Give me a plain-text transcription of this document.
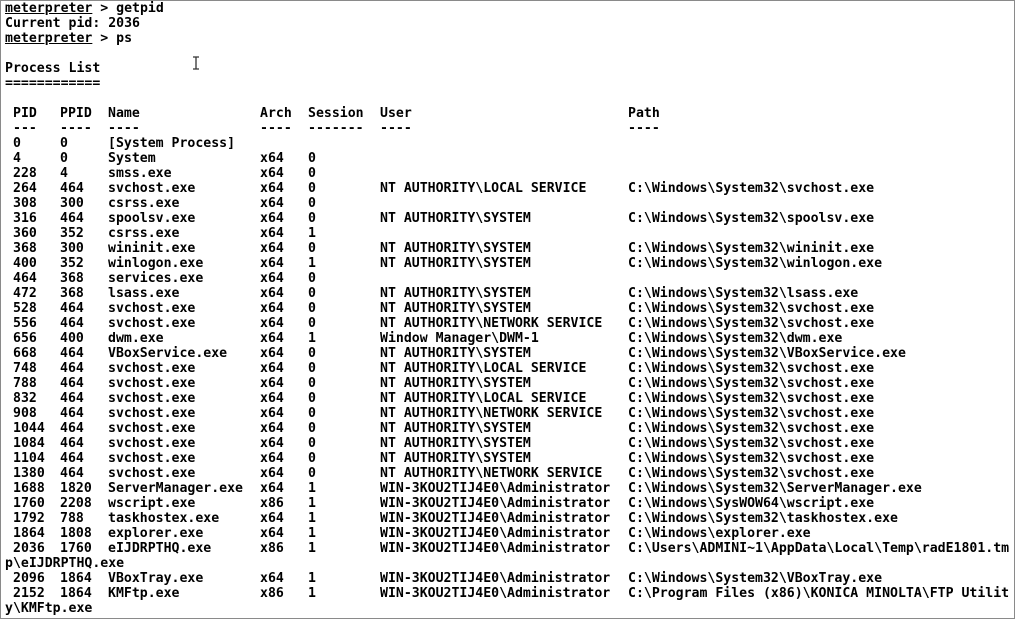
meterpreter > getpid
Current pid: 2036
meterpreter > ps
Process List
============
PID PPID Name	Arch Session User	Path
--- ---- ----	---- ------- ----	----
0	0	[System Process]
4	0	System	x64 0
228 4	smss.exe	x64 0
264 464 svchost.exe	x64 0	NT AUTHORITY\LOCAL SERVICE	C:\Windows\System32\svchost.exe
308 300 csrss.exe	x64 0
316 464 spoolsv.exe	x64 0	NT AUTHORITY\SYSTEM	C:\Windows\System32\spoolsv.exe
360 352 csrss.exe	x64 1
368 300 wininit.exe	x64 0	NT AUTHORITY\SYSTEM	C:\Windows\System32\wininit.exe
400 352 winlogon.exe	x64 1	NT AUTHORITY\SYSTEM	C:\Windows\System32\winlogon.exe
464 368 services.exe	x64 0
472 368 lsass.exe	x64 0	NT AUTHORITY\SYSTEM	C:\Windows\System32\lsass.exe
528 464 svchost.exe	x64 0	NT AUTHORITY\SYSTEM	C:\Windows\System32\svchost.exe
556 464 svchost.exe	x64 0	NT AUTHORITY\NETWORK SERVICE C:\Windows\System32\svchost.exe
656 400 dwm.exe	x64 1	Window Manager\DWM-1	C:\Windows\System32\dwm.exe
668 464 VBoxService.exe x64 0	NT AUTHORITY\SYSTEM	C:\Windows\System32\VBoxService.exe
748 464 svchost.exe	x64 0	NT AUTHORITY\LOCAL SERVICE	C:\Windows\System32\svchost.exe
788 464 svchost.exe	x64 0	NT AUTHORITY\SYSTEM	C:\Windows\System32\svchost.exe
832 464 svchost.exe	x64 0	NT AUTHORITY\LOCAL SERVICE	C:\Windows\System32\svchost.exe
908 464 svchost.exe	x64 0	NT AUTHORITY\NETWORK SERVICE C:\Windows\System32\svchost.exe
1044 464 svchost.exe	x64 0	NT AUTHORITY\SYSTEM	C:\Windows\System32\svchost.exe
1084 464 svchost.exe	x64 0	NT AUTHORITY\SYSTEM	C:\Windows\System32\svchost.exe
1104 464 svchost.exe	x64 0	NT AUTHORITY\SYSTEM	C:\Windows\System32\svchost.exe
1380 464 svchost.exe	x64 0	NT AUTHORITY\NETWORK SERVICE C:\Windows\System32\svchost.exe
1688 1820 ServerManager.exe x64 1	WIN-3KOU2TIJ4E0\Administrator C:\Windows\System32\ServerManager.exe
1760 2208 wscript.exe	x86 1	WIN-3KOU2TIJ4E0\Administrator C:\Windows\SysWOW64\wscript.exe
1792 788 taskhostex.exe	x64 1	WIN-3KOU2TIJ4E0\Administrator C:\Windows\System32\taskhostex.exe
1864 1808 explorer.exe	x64 1	WIN-3KOU2TIJ4E0\Administrator C:\Windows\explorer.exe
2036 1760 eIJDRPTHQ.exe	x86 1	WIN-3KOU2TIJ4E0\Administrator C:\Users\ADMINI~1\AppData\Local\Temp\radE1801.tm
p\eIJDRPTHQ.exe
2096 1864 VBoxTray.exe	x64 1	WIN-3KOU2TIJ4E0\Administrator C:\Windows\System32\VBoxTray.exe
2152 1864 KMFtp.exe	x86 1	WIN-3KOU2TIJ4E0\Administrator C:\Program Files (x86)\KONICA MINOLTA\FTP Utilit
y\KMFtp.exe
